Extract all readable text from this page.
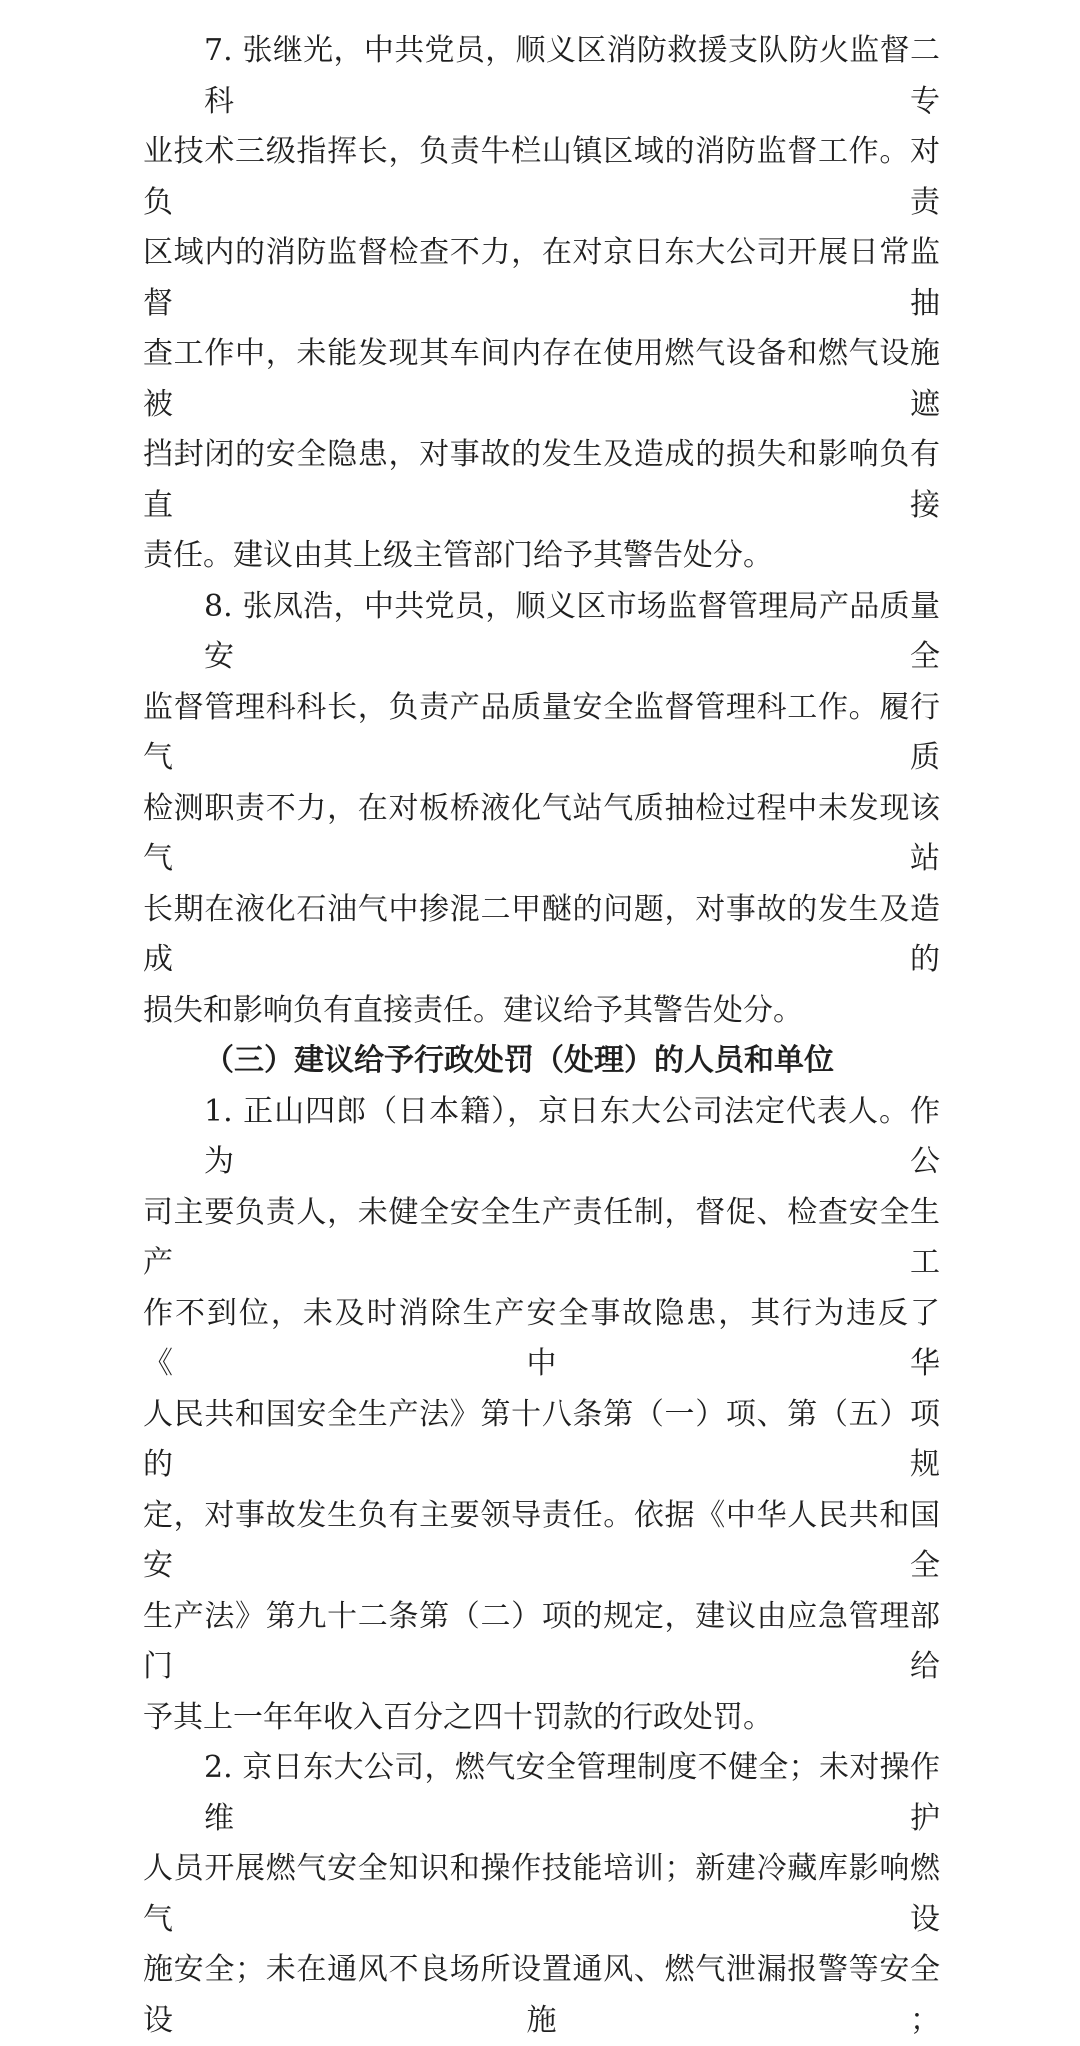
7. 张继光，中共党员，顺义区消防救援支队防火监督二科专
业技术三级指挥长，负责牛栏山镇区域的消防监督工作。对负责
区域内的消防监督检查不力，在对京日东大公司开展日常监督抽
查工作中，未能发现其车间内存在使用燃气设备和燃气设施被遮
挡封闭的安全隐患，对事故的发生及造成的损失和影响负有直接
责任。建议由其上级主管部门给予其警告处分。
8. 张凤浩，中共党员，顺义区市场监督管理局产品质量安全
监督管理科科长，负责产品质量安全监督管理科工作。履行气质
检测职责不力，在对板桥液化气站气质抽检过程中未发现该气站
长期在液化石油气中掺混二甲醚的问题，对事故的发生及造成的
损失和影响负有直接责任。建议给予其警告处分。
（三）建议给予行政处罚（处理）的人员和单位
1. 正山四郎（日本籍），京日东大公司法定代表人。作为公
司主要负责人，未健全安全生产责任制，督促、检查安全生产工
作不到位，未及时消除生产安全事故隐患，其行为违反了《中华
人民共和国安全生产法》第十八条第（一）项、第（五）项的规
定，对事故发生负有主要领导责任。依据《中华人民共和国安全
生产法》第九十二条第（二）项的规定，建议由应急管理部门给
予其上一年年收入百分之四十罚款的行政处罚。
2. 京日东大公司，燃气安全管理制度不健全；未对操作维护
人员开展燃气安全知识和操作技能培训；新建冷藏库影响燃气设
施安全；未在通风不良场所设置通风、燃气泄漏报警等安全设施；
